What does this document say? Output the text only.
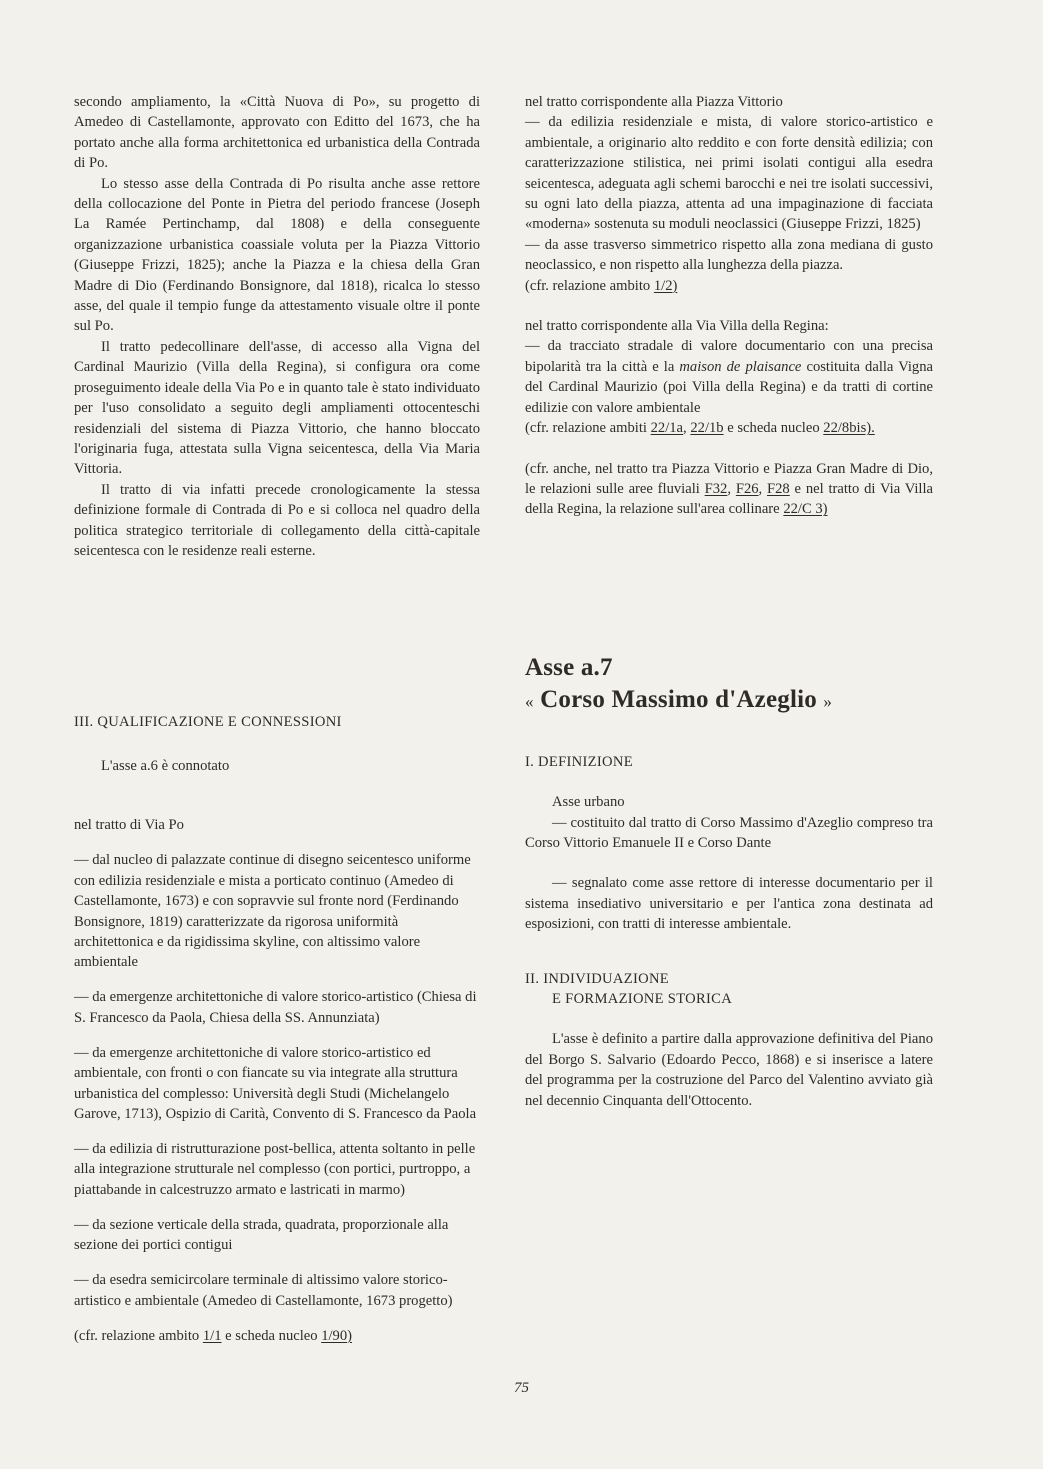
secondo ampliamento, la «Città Nuova di Po», su progetto di Amedeo di Castellamonte, approvato con Editto del 1673, che ha portato anche alla forma architettonica ed urbanistica della Contrada di Po.

Lo stesso asse della Contrada di Po risulta anche asse rettore della collocazione del Ponte in Pietra del periodo francese (Joseph La Ramée Pertinchamp, dal 1808) e della conseguente organizzazione urbanistica coassiale voluta per la Piazza Vittorio (Giuseppe Frizzi, 1825); anche la Piazza e la chiesa della Gran Madre di Dio (Ferdinando Bonsignore, dal 1818), ricalca lo stesso asse, del quale il tempio funge da attestamento visuale oltre il ponte sul Po.

Il tratto pedecollinare dell'asse, di accesso alla Vigna del Cardinal Maurizio (Villa della Regina), si configura ora come proseguimento ideale della Via Po e in quanto tale è stato individuato per l'uso consolidato a seguito degli ampliamenti ottocenteschi residenziali del sistema di Piazza Vittorio, che hanno bloccato l'originaria fuga, attestata sulla Vigna seicentesca, della Via Maria Vittoria.

Il tratto di via infatti precede cronologicamente la stessa definizione formale di Contrada di Po e si colloca nel quadro della politica strategico territoriale di collegamento della città-capitale seicentesca con le residenze reali esterne.

III. QUALIFICAZIONE E CONNESSIONI

L'asse a.6 è connotato

nel tratto di Via Po

— dal nucleo di palazzate continue di disegno seicentesco uniforme con edilizia residenziale e mista a porticato continuo (Amedeo di Castellamonte, 1673) e con sopravvie sul fronte nord (Ferdinando Bonsignore, 1819) caratterizzate da rigorosa uniformità architettonica e da rigidissima skyline, con altissimo valore ambientale

— da emergenze architettoniche di valore storico-artistico (Chiesa di S. Francesco da Paola, Chiesa della SS. Annunziata)

— da emergenze architettoniche di valore storico-artistico ed ambientale, con fronti o con fiancate su via integrate alla struttura urbanistica del complesso: Università degli Studi (Michelangelo Garove, 1713), Ospizio di Carità, Convento di S. Francesco da Paola

— da edilizia di ristrutturazione post-bellica, attenta soltanto in pelle alla integrazione strutturale nel complesso (con portici, purtroppo, a piattabande in calcestruzzo armato e lastricati in marmo)

— da sezione verticale della strada, quadrata, proporzionale alla sezione dei portici contigui

— da esedra semicircolare terminale di altissimo valore storico-artistico e ambientale (Amedeo di Castellamonte, 1673 progetto)

(cfr. relazione ambito 1/1 e scheda nucleo 1/90)

nel tratto corrispondente alla Piazza Vittorio

— da edilizia residenziale e mista, di valore storico-artistico e ambientale, a originario alto reddito e con forte densità edilizia; con caratterizzazione stilistica, nei primi isolati contigui alla esedra seicentesca, adeguata agli schemi barocchi e nei tre isolati successivi, su ogni lato della piazza, attenta ad una impaginazione di facciata «moderna» sostenuta su moduli neoclassici (Giuseppe Frizzi, 1825)

— da asse trasverso simmetrico rispetto alla zona mediana di gusto neoclassico, e non rispetto alla lunghezza della piazza.

(cfr. relazione ambito 1/2)

nel tratto corrispondente alla Via Villa della Regina:

— da tracciato stradale di valore documentario con una precisa bipolarità tra la città e la maison de plaisance costituita dalla Vigna del Cardinal Maurizio (poi Villa della Regina) e da tratti di cortine edilizie con valore ambientale

(cfr. relazione ambiti 22/1a, 22/1b e scheda nucleo 22/8bis).

(cfr. anche, nel tratto tra Piazza Vittorio e Piazza Gran Madre di Dio, le relazioni sulle aree fluviali F32, F26, F28 e nel tratto di Via Villa della Regina, la relazione sull'area collinare 22/C 3)

Asse a.7

« Corso Massimo d'Azeglio »

I. DEFINIZIONE

Asse urbano

— costituito dal tratto di Corso Massimo d'Azeglio compreso tra Corso Vittorio Emanuele II e Corso Dante

— segnalato come asse rettore di interesse documentario per il sistema insediativo universitario e per l'antica zona destinata ad esposizioni, con tratti di interesse ambientale.

II. INDIVIDUAZIONE

E FORMAZIONE STORICA

L'asse è definito a partire dalla approvazione definitiva del Piano del Borgo S. Salvario (Edoardo Pecco, 1868) e si inserisce a latere del programma per la costruzione del Parco del Valentino avviato già nel decennio Cinquanta dell'Ottocento.

75
